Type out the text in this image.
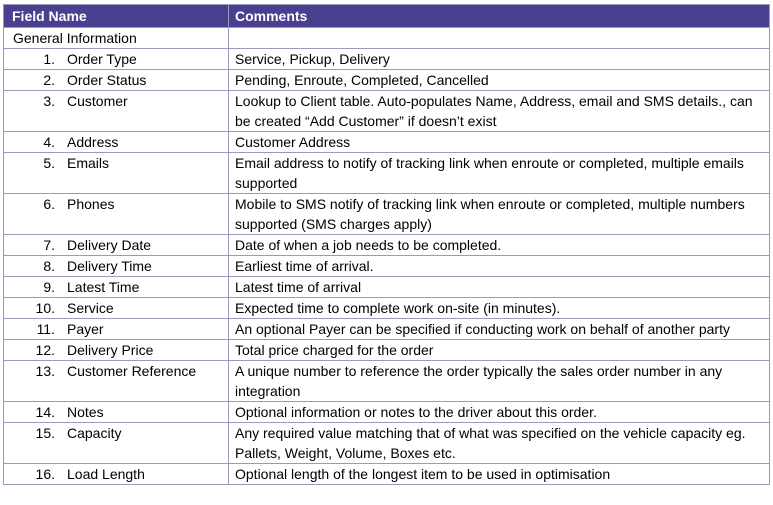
Field Name	Comments
General Information	

1. Order Type	Service, Pickup, Delivery

2. Order Status	Pending, Enroute, Completed, Cancelled

3. Customer	Lookup to Client table. Auto-populates Name, Address, email and SMS details., can be created “Add Customer” if doesn’t exist

4. Address	Customer Address

5. Emails	Email address to notify of tracking link when enroute or completed, multiple emails supported

6. Phones	Mobile to SMS notify of tracking link when enroute or completed, multiple numbers supported (SMS charges apply)

7. Delivery Date	Date of when a job needs to be completed.

8. Delivery Time	Earliest time of arrival.

9. Latest Time	Latest time of arrival

10. Service	Expected time to complete work on-site (in minutes).

11. Payer	An optional Payer can be specified if conducting work on behalf of another party

12. Delivery Price	Total price charged for the order

13. Customer Reference	A unique number to reference the order typically the sales order number in any integration

14. Notes	Optional information or notes to the driver about this order.

15. Capacity	Any required value matching that of what was specified on the vehicle capacity eg. Pallets, Weight, Volume, Boxes etc.

16. Load Length	Optional length of the longest item to be used in optimisation
